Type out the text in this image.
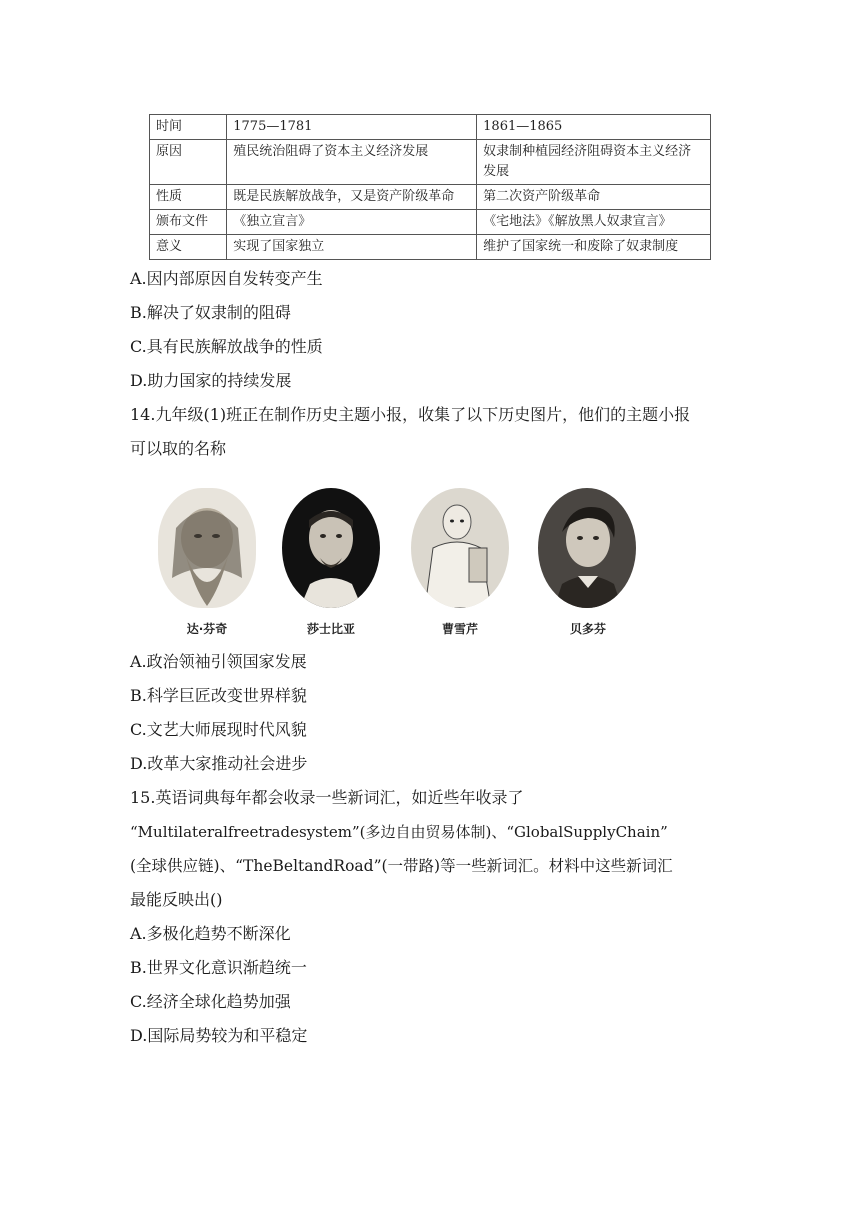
时间	1775—1781	1861—1865
原因	殖民统治阻碍了资本主义经济发展	奴隶制种植园经济阻碍资本主义经济发展
性质	既是民族解放战争，又是资产阶级革命	第二次资产阶级革命
颁布文件	《独立宣言》	《宅地法》《解放黑人奴隶宣言》
意义	实现了国家独立	维护了国家统一和废除了奴隶制度
A.因内部原因自发转变产生
B.解决了奴隶制的阻碍
C.具有民族解放战争的性质
D.助力国家的持续发展
14.九年级(1)班正在制作历史主题小报，收集了以下历史图片，他们的主题小报
可以取的名称
达·芬奇	莎士比亚	曹雪芹	贝多芬
A.政治领袖引领国家发展
B.科学巨匠改变世界样貌
C.文艺大师展现时代风貌
D.改革大家推动社会进步
15.英语词典每年都会收录一些新词汇，如近些年收录了
“Multilateralfreetradesystem”(多边自由贸易体制)、“GlobalSupplyChain”
(全球供应链)、“TheBeltandRoad”(一带路)等一些新词汇。材料中这些新词汇
最能反映出()
A.多极化趋势不断深化
B.世界文化意识渐趋统一
C.经济全球化趋势加强
D.国际局势较为和平稳定
